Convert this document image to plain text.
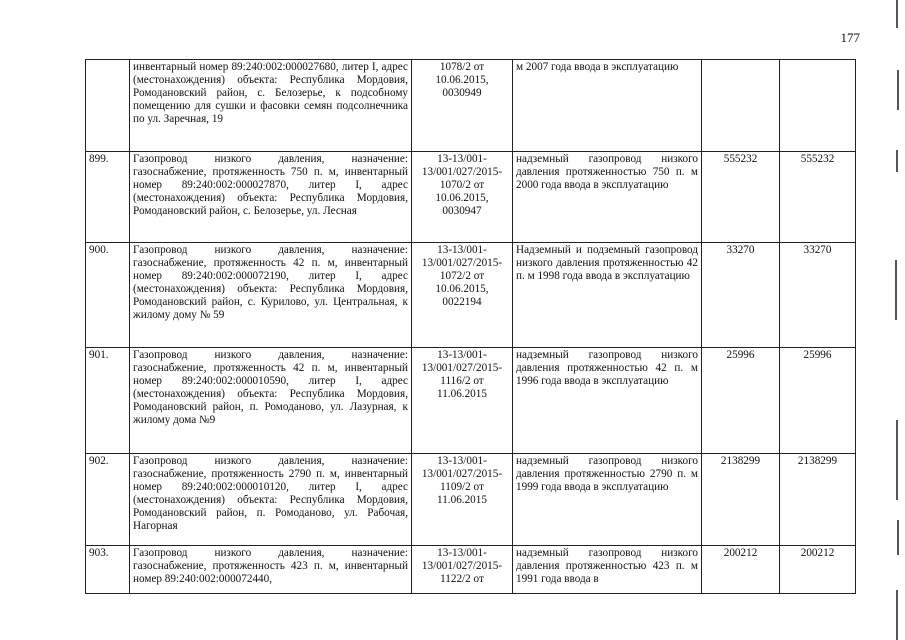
177
	инвентарный номер 89:240:002:000027680, литер I, адрес (местонахождения) объекта: Республика Мордовия, Ромодановский район, с. Белозерье, к подсобному помещению для сушки и фасовки семян подсолнечника по ул. Заречная, 19	1078/2 от 10.06.2015, 0030949	м 2007 года ввода в эксплуатацию		
899.	Газопровод низкого давления, назначение: газоснабжение, протяженность 750 п. м, инвентарный номер 89:240:002:000027870, литер I, адрес (местонахождения) объекта: Республика Мордовия, Ромодановский район, с. Белозерье, ул. Лесная	13-13/001-13/001/027/2015-1070/2 от 10.06.2015, 0030947	надземный газопровод низкого давления протяженностью 750 п. м 2000 года ввода в эксплуатацию	555232	555232
900.	Газопровод низкого давления, назначение: газоснабжение, протяженность 42 п. м, инвентарный номер 89:240:002:000072190, литер I, адрес (местонахождения) объекта: Республика Мордовия, Ромодановский район, с. Курилово, ул. Центральная, к жилому дому № 59	13-13/001-13/001/027/2015-1072/2 от 10.06.2015, 0022194	Надземный и подземный газопровод низкого давления протяженностью 42 п. м 1998 года ввода в эксплуатацию	33270	33270
901.	Газопровод низкого давления, назначение: газоснабжение, протяженность 42 п. м, инвентарный номер 89:240:002:000010590, литер I, адрес (местонахождения) объекта: Республика Мордовия, Ромодановский район, п. Ромоданово, ул. Лазурная, к жилому дома №9	13-13/001-13/001/027/2015-1116/2 от 11.06.2015	надземный газопровод низкого давления протяженностью 42 п. м 1996 года ввода в эксплуатацию	25996	25996
902.	Газопровод низкого давления, назначение: газоснабжение, протяженность 2790 п. м, инвентарный номер 89:240:002:000010120, литер I, адрес (местонахождения) объекта: Республика Мордовия, Ромодановский район, п. Ромоданово, ул. Рабочая, Нагорная	13-13/001-13/001/027/2015-1109/2 от 11.06.2015	надземный газопровод низкого давления протяженностью 2790 п. м 1999 года ввода в эксплуатацию	2138299	2138299
903.	Газопровод низкого давления, назначение: газоснабжение, протяженность 423 п. м, инвентарный номер 89:240:002:000072440,	13-13/001-13/001/027/2015-1122/2 от	надземный газопровод низкого давления протяженностью 423 п. м 1991 года ввода в	200212	200212
